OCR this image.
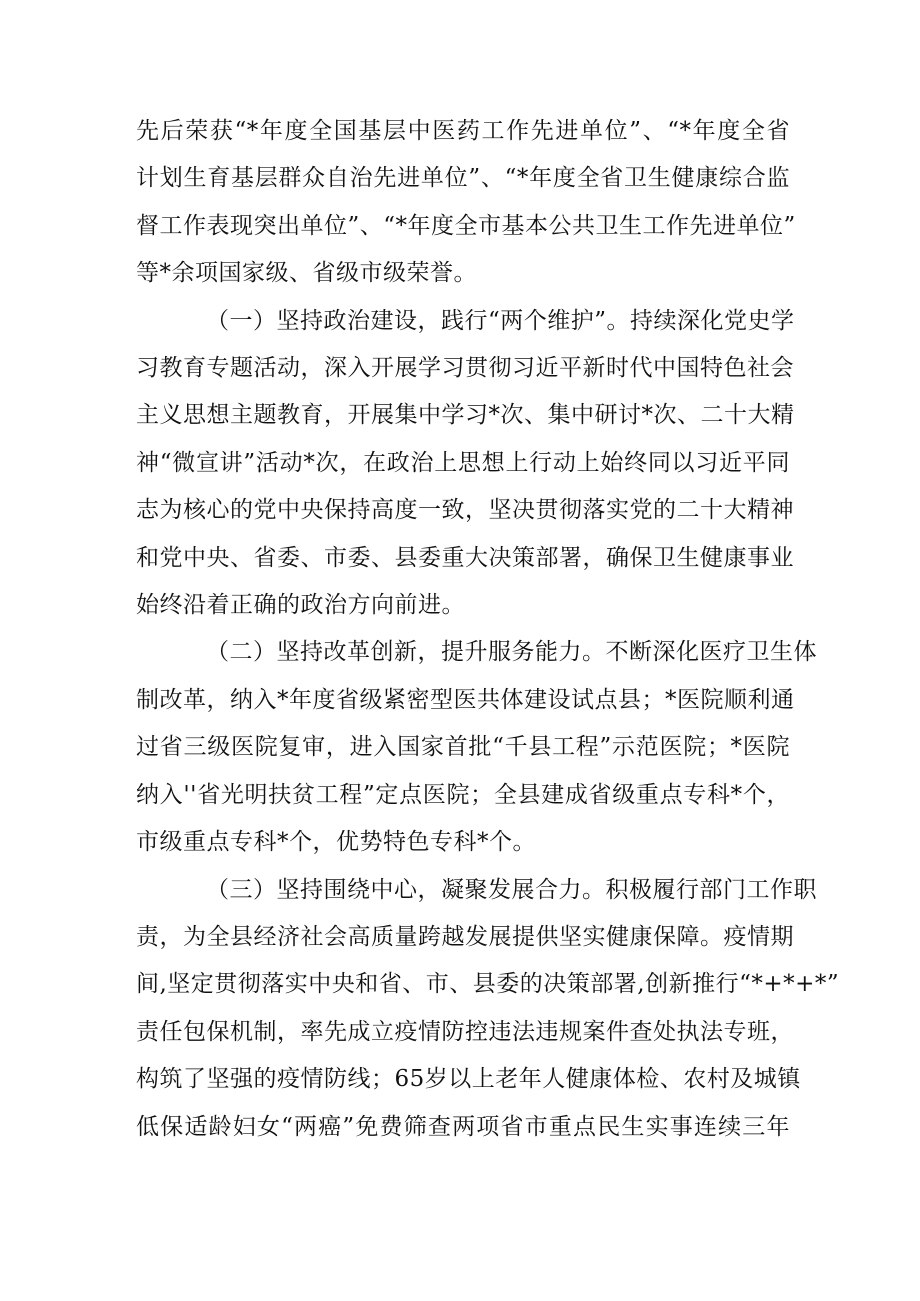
先后荣获“*年度全国基层中医药工作先进单位”、“*年度全省
计划生育基层群众自治先进单位”、“*年度全省卫生健康综合监
督工作表现突出单位”、“*年度全市基本公共卫生工作先进单位”
等*余项国家级、省级市级荣誉。
（一）坚持政治建设，践行“两个维护”。持续深化党史学
习教育专题活动，深入开展学习贯彻习近平新时代中国特色社会
主义思想主题教育，开展集中学习*次、集中研讨*次、二十大精
神“微宣讲”活动*次，在政治上思想上行动上始终同以习近平同
志为核心的党中央保持高度一致，坚决贯彻落实党的二十大精神
和党中央、省委、市委、县委重大决策部署，确保卫生健康事业
始终沿着正确的政治方向前进。
（二）坚持改革创新，提升服务能力。不断深化医疗卫生体
制改革，纳入*年度省级紧密型医共体建设试点县；*医院顺利通
过省三级医院复审，进入国家首批“千县工程”示范医院；*医院
纳入''省光明扶贫工程”定点医院；全县建成省级重点专科*个，
市级重点专科*个，优势特色专科*个。
（三）坚持围绕中心，凝聚发展合力。积极履行部门工作职
责，为全县经济社会高质量跨越发展提供坚实健康保障。疫情期
间,坚定贯彻落实中央和省、市、县委的决策部署,创新推行“*+*+*”
责任包保机制，率先成立疫情防控违法违规案件查处执法专班，
构筑了坚强的疫情防线；65岁以上老年人健康体检、农村及城镇
低保适龄妇女“两癌”免费筛查两项省市重点民生实事连续三年
